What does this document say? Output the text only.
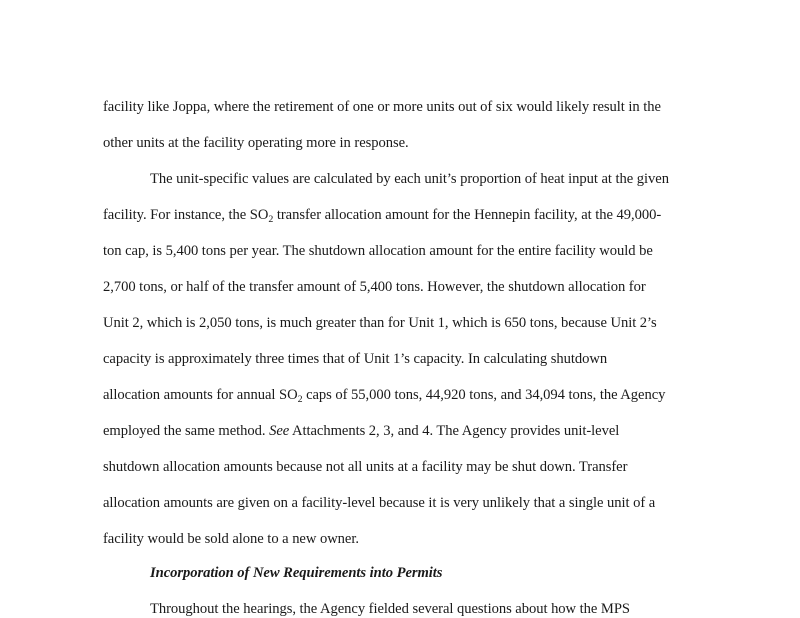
facility like Joppa, where the retirement of one or more units out of six would likely result in the
other units at the facility operating more in response.
The unit-specific values are calculated by each unit’s proportion of heat input at the given
facility. For instance, the $SO_2$ transfer allocation amount for the Hennepin facility, at the 49,000-
ton cap, is 5,400 tons per year. The shutdown allocation amount for the entire facility would be
2,700 tons, or half of the transfer amount of 5,400 tons. However, the shutdown allocation for
Unit 2, which is 2,050 tons, is much greater than for Unit 1, which is 650 tons, because Unit 2’s
capacity is approximately three times that of Unit 1’s capacity. In calculating shutdown
allocation amounts for annual $SO_2$ caps of 55,000 tons, 44,920 tons, and 34,094 tons, the Agency
employed the same method. See Attachments 2, 3, and 4. The Agency provides unit-level
shutdown allocation amounts because not all units at a facility may be shut down. Transfer
allocation amounts are given on a facility-level because it is very unlikely that a single unit of a
facility would be sold alone to a new owner.
Incorporation of New Requirements into Permits
Throughout the hearings, the Agency fielded several questions about how the MPS
